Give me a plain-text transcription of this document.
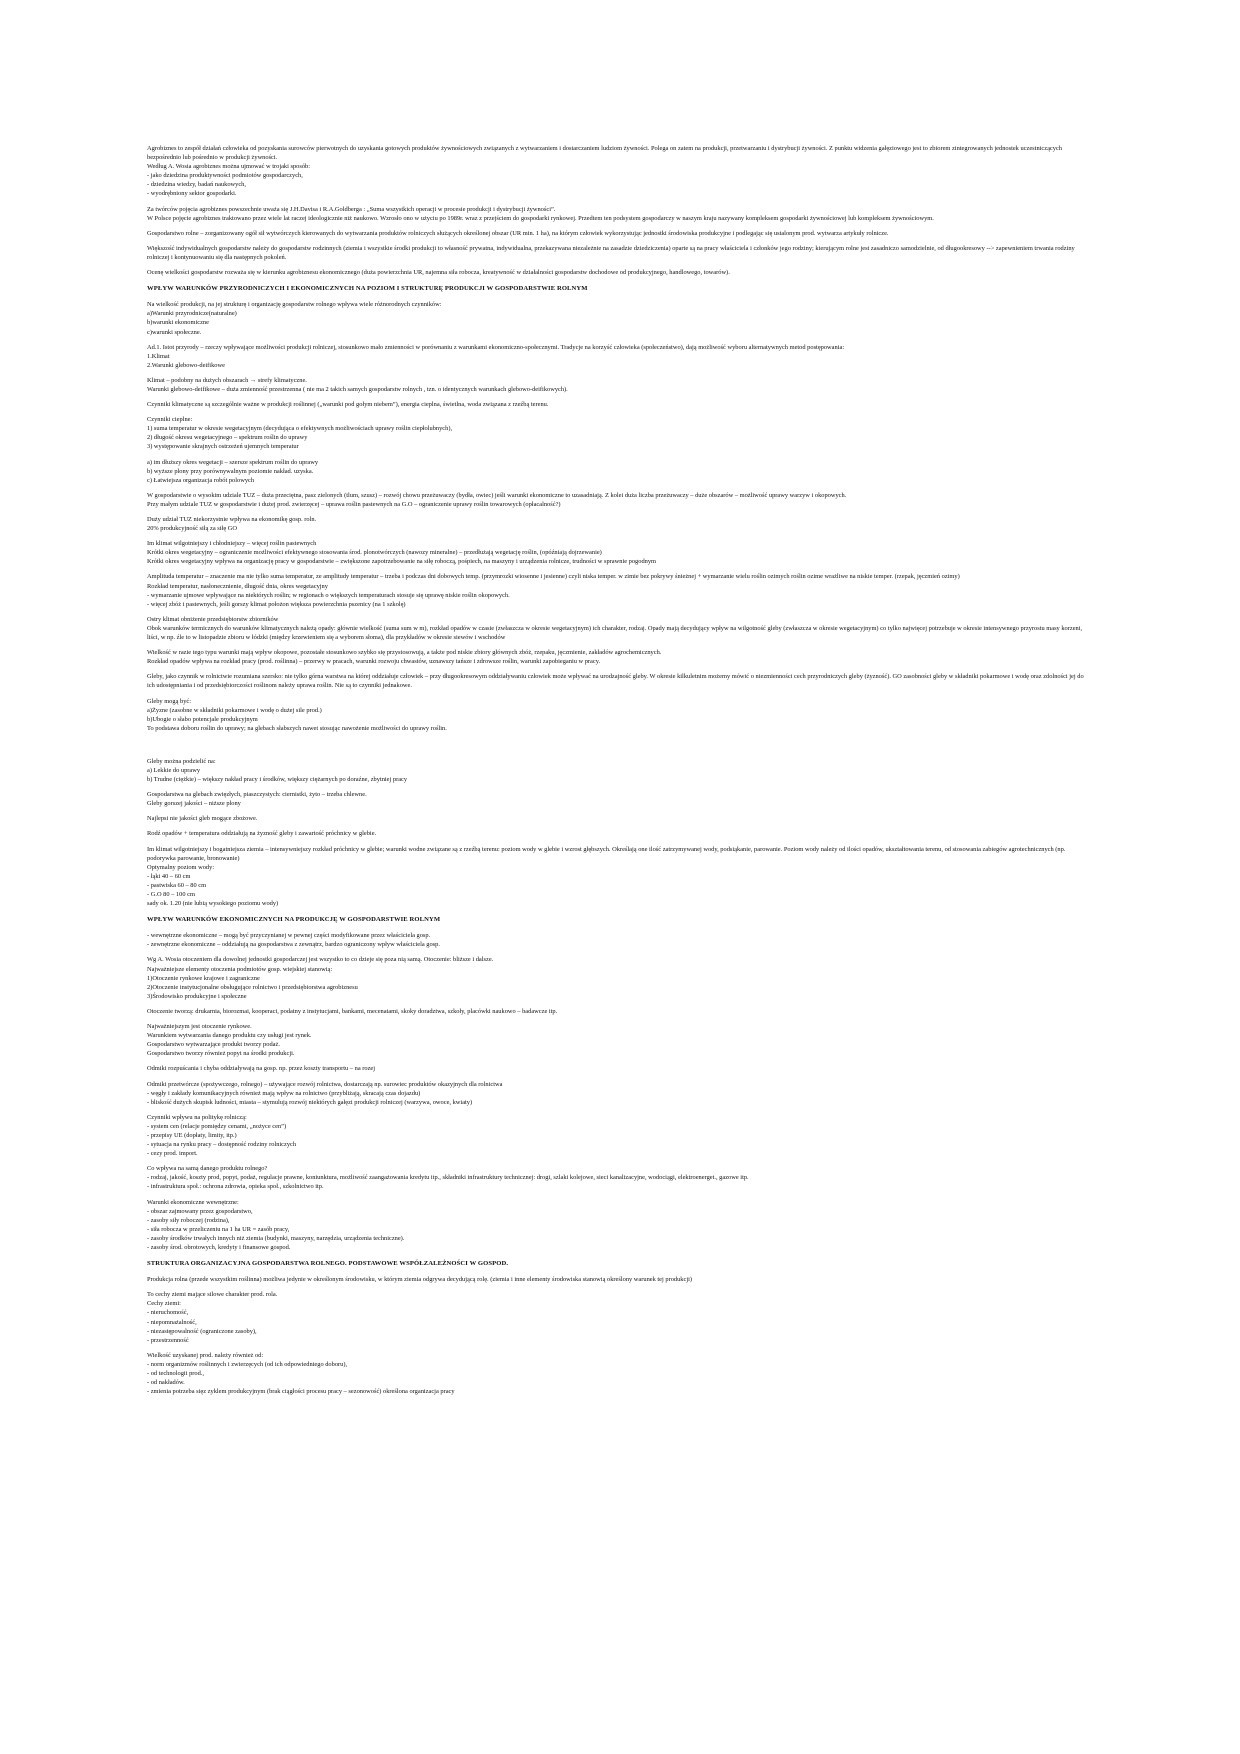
Agrobiznes to zespół działań człowieka od pozyskania surowców pierwotnych do uzyskania gotowych produktów żywnościowych związanych z wytwarzaniem i dostarczaniem ludziom żywności. Polega on zatem na produkcji, przetwarzaniu i dystrybucji żywności. Z punktu widzenia gałęziowego jest to zbiorem zintegrowanych jednostek uczestniczących bezpośrednio lub pośrednio w produkcji żywności.
Według A. Wosia agrobiznes można ujmować w trojaki sposób:
- jako dziedzina produktywności podmiotów gospodarczych,
- dziedzina wiedzy, badań naukowych,
- wyodrębniony sektor gospodarki.
Za twórców pojęcia agrobiznes powszechnie uważa się J.H.Davisa i R.A.Goldberga : „Suma wszystkich operacji w procesie produkcji i dystrybucji żywności”.
W Polsce pojęcie agrobiznes traktowano przez wiele lat raczej ideologicznie niż naukowo. Wzrosło ono w użyciu po 1989r. wraz z przejściem do gospodarki rynkowej. Przedtem ten podsystem gospodarczy w naszym kraju nazywany kompleksem gospodarki żywnościowej lub kompleksem żywnościowym.
Gospodarstwo rolne – zorganizowany ogół sił wytwórczych kierowanych do wytwarzania produktów rolniczych służących określonej obszar (UR min. 1 ha), na którym człowiek wykorzystując jednostki środowiska produkcyjne i podlegając się ustalonym prod. wytwarza artykuły rolnicze.
Większość indywidualnych gospodarstw należy do gospodarstw rodzinnych (ziemia i wszystkie środki produkcji to własność prywatna, indywidualna, przekazywana niezależnie na zasadzie dziedziczenia) oparte są na pracy właściciela i członków jego rodziny; kierującym rolne jest zasadniczo samodzielnie, od długookresowy --> zapewnieniem trwania rodziny rolniczej i kontynuowaniu się dla następnych pokoleń.
Ocenę wielkości gospodarstw rozważa się w kierunku agrobiznesu ekonomicznego (duża powierzchnia UR, najemna siła robocza, kreatywność w działalności gospodarstw dochodowe od produkcyjnego, handlowego, towarów).
WPŁYW WARUNKÓW PRZYRODNICZYCH I EKONOMICZNYCH NA POZIOM I STRUKTURĘ PRODUKCJI W GOSPODARSTWIE ROLNYM
Na wielkość produkcji, na jej strukturę i organizację gospodarstw rolnego wpływa wiele różnorodnych czynników:
a)Warunki przyrodnicze(naturalne)
b)warunki ekonomiczne
c)warunki społeczne.
Ad.1. Istot przyrody – rzeczy wpływające możliwości produkcji rolniczej, stosunkowo mało zmienności w porównaniu z warunkami ekonomiczno-społecznymi. Tradycje na korzyść człowieka (społeczeństwo), dają możliwość wyboru alternatywnych metod postępowania:
1.Klimat
2.Warunki glebowo-deifikowe
Klimat – podobny na dużych obszarach → strefy klimatyczne.
Warunki glebowo-deifikowe – duża zmienność przestrzenna ( nie ma 2 takich samych gospodarstw rolnych , tzn. o identycznych warunkach glebowo-deifikowych).
Czynniki klimatyczne są szczególnie ważne w produkcji roślinnej („warunki pod gołym niebem”), energia cieplna, świetlna, woda związana z rzeźbą terenu.
Czynniki cieplne:
1) suma temperatur w okresie wegetacyjnym (decydująca o efektywnych możliwościach uprawy roślin ciepłolubnych),
2) długość okresu wegetacyjnego – spektrum roślin do uprawy
3) występowanie skrajnych ostrzeżeń ujemnych temperatur
a) im dłuższy okres wegetacji – szersze spektrum roślin do uprawy
b) wyższe plony przy porównywalnym poziomie nakład. uzyska.
c) Łatwiejsza organizacja robót polowych
W gospodarstwie o wysokim udziale TUZ – duża przeciętna, pasz zielonych (tlum, szusz) – rozwój chowu przeżuwaczy (bydła, owiec) jeśli warunki ekonomiczne to uzasadniają. Z kolei duża liczba przeżuwaczy – duże obszarów – możliwość uprawy warzyw i okopowych.
Przy małym udziale TUZ w gospodarstwie i dużej prod. zwierzęcej – uprawa roślin pastewnych na G.O – ograniczenie uprawy roślin towarowych (opłacalność?)
Duży udział TUZ niekorzystnie wpływa na ekonomikę gosp. roln.
20% produkcyjność siłą za siłę GO
Im klimat wilgotniejszy i chłodniejszy – więcej roślin pastewnych
Krótki okres wegetacyjny – ograniczenie możliwości efektywnego stosowania środ. plonotwórczych (nawozy mineralne) – przedłużają wegetację roślin, (opóźniają dojrzewanie)
Krótki okres wegetacyjny wpływa na organizację pracy w gospodarstwie – zwiększone zapotrzebowanie na siłę roboczą, pośpiech, na maszyny i urządzenia rolnicze, trudności w sprawnie pogodnym
Amplituda temperatur – znaczenie ma nie tylko suma temperatur, ze amplitudy temperatur – trzeba i podczas dni dobowych temp. (przymrozki wiosenne i jesienne) czyli niska temper. w zimie bez pokrywy śnieżnej + wymarzanie wielu roślin ozimych roślin ozime wrażliwe na niskie temper. (rzepak, jęczmień ozimy)
Rozkład temperatur, nasłonecznienie, długość dnia, okres wegetacyjny
- wymarzanie ujmowe wpływające na niektórych roślin; w regionach o większych temperaturach stosuje się uprawę niskie roślin okopowych.
- więcej zbóż i pastewnych, jeśli gorszy klimat położon większa powierzchnia pszenicy (na 1 szkolę)
Ostry klimat obniżenie przedsiębiorstw zbiorników
Obok warunków termicznych do warunków klimatycznych należą opady: głównie wielkość (suma sum w m), rozkład opadów w czasie (zwłaszcza w okresie wegetacyjnym) ich charakter, rodzaj. Opady mają decydujący wpływ na wilgotność gleby (zwłaszcza w okresie wegetacyjnym) co tylko najwięcej potrzebuje w okresie intensywnego przyrostu masy korzeni, liści, w np. źle to w listopadzie zbioru w łódzki (między krzewieniem się a wyborem słoma), dla przykładów w okresie siewów i wschodów
Wielkość w razie tego typu warunki mają wpływ okopowe, pozostałe stosunkowo szybko się przystosowują, a także pod niskie zbiory głównych zbóż, rzepaku, jęczmienie, zakładów agrochemicznych.
Rozkład opadów wpływa na rozkład pracy (prod. roślinna) – przerwy w pracach, warunki rozwoju chwastów, uznawszy tańsze i zdrowsze roślin, warunki zapobieganiu w pracy.
Gleby, jako czynnik w rolnictwie rozumiana szersko: nie tylko górna warstwa na której oddziałuje człowiek – przy długookresowym oddziaływaniu człowiek może wpływać na urodzajność gleby. W okresie kilkuletnim możemy mówić o niezmienności cech przyrodniczych gleby (żyzność). GO zasobności gleby w składniki pokarmowe i wodę oraz zdolności jej do ich udostępniania i od przedsiębiorczości roślinom należy uprawa roślin. Nie są to czynniki jednakowe.
Gleby mogą być:
a)Żyzne (zasobne w składniki pokarmowe i wodę o dużej sile prod.)
b)Ubogie o słabo potencjale produkcyjnym
To podstawa doboru roślin do uprawy; na glebach słabszych nawet stosując nawożenie możliwości do uprawy roślin.
Gleby można podzielić na:
a) Lekkie do uprawy
b) Trudne (ciężkie) – większy nakład pracy i środków, większy ciężarnych po doraźne, zbytniej pracy
Gospodarstwa na glebach zwięzłych, piaszczystych: ciernistki, żyto – trzeba chlewne.
Gleby gorszej jakości – niższe plony
Najlepsi nie jakości gleb mogące zbożowe.
Rodź opadów + temperatura oddziałują na żyzność gleby i zawartość próchnicy w glebie.
Im klimat wilgotniejszy i bogatniejsza ziemia – intensywniejszy rozkład próchnicy w glebie; warunki wodne związane są z rzeźbą terenu: poziom wody w glebie i wzrost głębszych. Określają one ilość zatrzymywanej wody, podsiąkanie, parowanie. Poziom wody należy od ilości opadów, ukształtowania terenu, od stosowania zabiegów agrotechnicznych (np. podorywka parowanie, bronowanie)
Optymalny poziom wody:
- łąki 40 – 60 cm
- pastwiska 60 – 80 cm
- G.O 80 – 100 cm
sady ok. 1.20 (nie lubią wysokiego poziomu wody)
WPŁYW WARUNKÓW EKONOMICZNYCH NA PRODUKCJĘ W GOSPODARSTWIE ROLNYM
- wewnętrzne ekonomiczne – mogą być przyczynianej w pewnej części modyfikowane przez właściciela gosp.
- zewnętrzne ekonomiczne – oddziałują na gospodarstwa z zewnątrz, bardzo ograniczony wpływ właściciela gosp.
Wg A. Wosia otoczeniem dla dowolnej jednostki gospodarczej jest wszystko to co dzieje się poza nią samą. Otoczenie: bliższe i dalsze.
Najważniejsze elementy otoczenia podmiotów gosp. wiejskiej stanowią:
1)Otoczenie rynkowe krajowe i zagraniczne
2)Otoczenie instytucjonalne obsługujące rolnictwo i przedsiębiorstwa agrobiznesu
3)Środowisko produkcyjne i społeczne
Otoczenie tworzą: drukarnia, biorozmai, kooperaci, podatny z instytucjami, bankami, mecenatami, skoky doradztwa, szkoły, placówki naukowo – badawcze itp.
Najważniejszym jest otoczenie rynkowe.
Warunkiem wytwarzania danego produktu czy usługi jest rynek.
Gospodarstwo wytwarzające produkt tworzy podaż.
Gospodarstwo tworzy również popyt na środki produkcji.
Odmiki rozpuścania i chyba oddziaływają na gosp. np. przez koszty transportu – na rozej
Odmiki przetwórcze (spożywczego, rolnego) – używające rozwój rolnictwa, dostarczają np. surowiec produktów okazyjnych dla rolnictwa
- węgły i zakłady komunikacyjnych również mają wpływ na rolnictwo (przybliżają, skracają czas dojazdu)
- bliskość dużych skupisk ludności, miasta – stymulują rozwój niektórych gałęzi produkcji rolniczej (warzywa, owoce, kwiaty)
Czynniki wpływu na politykę rolniczą:
- system cen (relacje pomiędzy cenami, „nożyce cen”)
- przepisy UE (dopłaty, limity, itp.)
- sytuacja na rynku pracy – dostępność rodziny rolniczych
- cezy prod. import.
Co wpływa na samą danego produktu rolnego?
- rodzaj, jakość, koszty prod, popyt, podaż, regulacje prawne, koniunktura, możliwość zaangażowania kredytu itp., składniki infrastruktury technicznej: drogi, szlaki kolejowe, sieci kanalizacyjne, wodociągi, elektroenerget., gazowe itp.
- infrastruktura społ.: ochrona zdrowia, opieka społ., szkolnictwo itp.
Warunki ekonomiczne wewnętrzne:
- obszar zajmowany przez gospodarstwo,
- zasoby siły roboczej (rodzina),
- siła robocza w przeliczeniu na 1 ha UR = zasób pracy,
- zasoby środków trwałych innych niż ziemia (budynki, maszyny, narzędzia, urządzenia techniczne).
- zasoby środ. obrotowych, kredyty i finansowe gospod.
STRUKTURA ORGANIZACYJNA GOSPODARSTWA ROLNEGO. PODSTAWOWE WSPÓŁZALEŻNOŚCI W GOSPOD.
Produkcja rolna (przede wszystkim roślinna) możliwa jedynie w określonym środowisku, w którym ziemia odgrywa decydującą rolę. (ziemia i inne elementy środowiska stanowią określony warunek tej produkcji)
To cechy ziemi mające silowe charakter prod. rola.
Cechy ziemi:
- nieruchomość,
- niepomnażalność,
- niezastępowalność (ograniczone zasoby),
- przestrzenność
Wielkość uzyskanej prod. należy również od:
- norm organizmów roślinnych i zwierzęcych (od ich odpowiedniego doboru),
- od technologii prod.,
- od nakładów.
- zmienia potrzeba sięz zyklem produkcyjnym (brak ciągłości procesu pracy – sezonowość) określona organizacja pracy
